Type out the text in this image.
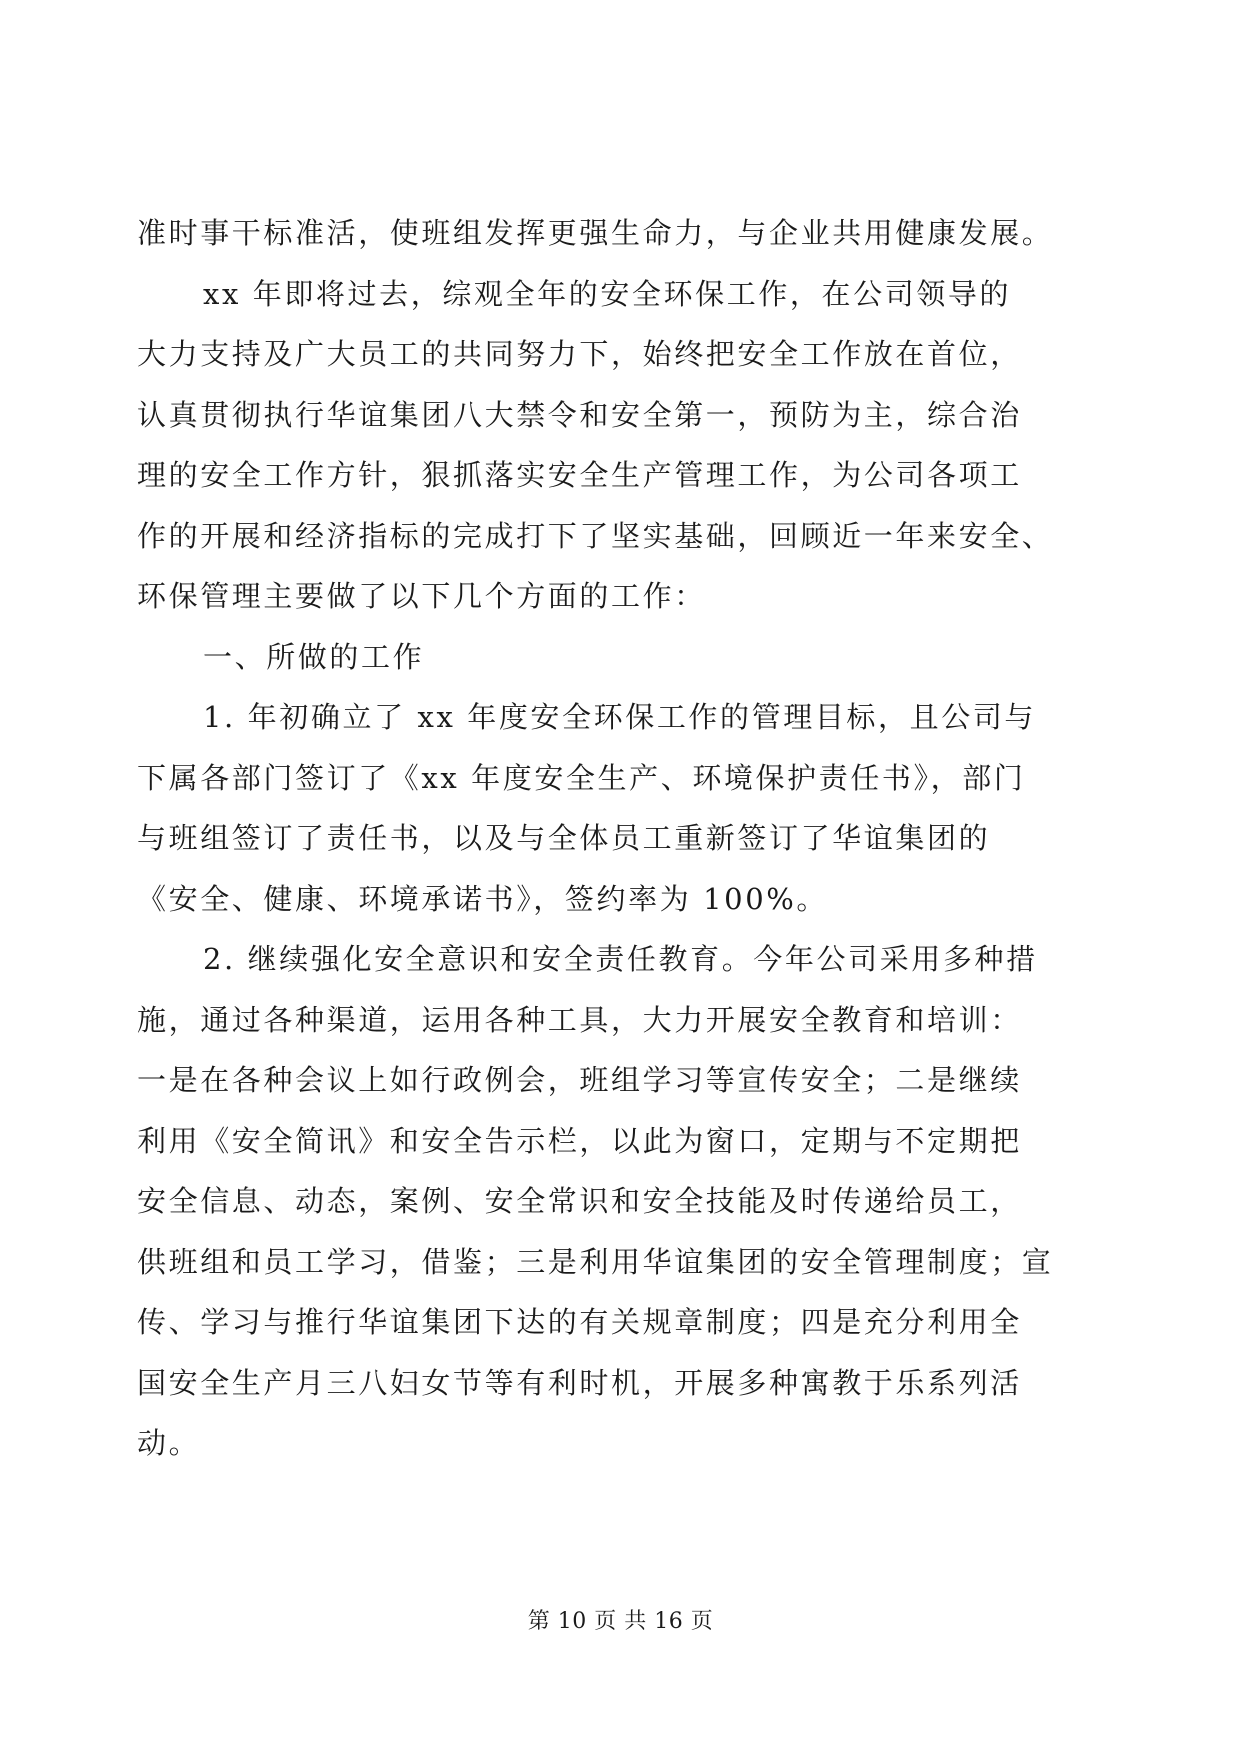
准时事干标准活，使班组发挥更强生命力，与企业共用健康发展。
xx 年即将过去，综观全年的安全环保工作，在公司领导的
大力支持及广大员工的共同努力下，始终把安全工作放在首位，
认真贯彻执行华谊集团八大禁令和安全第一，预防为主，综合治
理的安全工作方针，狠抓落实安全生产管理工作，为公司各项工
作的开展和经济指标的完成打下了坚实基础，回顾近一年来安全、
环保管理主要做了以下几个方面的工作：
一、所做的工作
1. 年初确立了 xx 年度安全环保工作的管理目标，且公司与
下属各部门签订了《xx 年度安全生产、环境保护责任书》，部门
与班组签订了责任书，以及与全体员工重新签订了华谊集团的
《安全、健康、环境承诺书》，签约率为 100%。
2. 继续强化安全意识和安全责任教育。今年公司采用多种措
施，通过各种渠道，运用各种工具，大力开展安全教育和培训：
一是在各种会议上如行政例会，班组学习等宣传安全；二是继续
利用《安全简讯》和安全告示栏，以此为窗口，定期与不定期把
安全信息、动态，案例、安全常识和安全技能及时传递给员工，
供班组和员工学习，借鉴；三是利用华谊集团的安全管理制度；宣
传、学习与推行华谊集团下达的有关规章制度；四是充分利用全
国安全生产月三八妇女节等有利时机，开展多种寓教于乐系列活
动。
第 10 页 共 16 页
